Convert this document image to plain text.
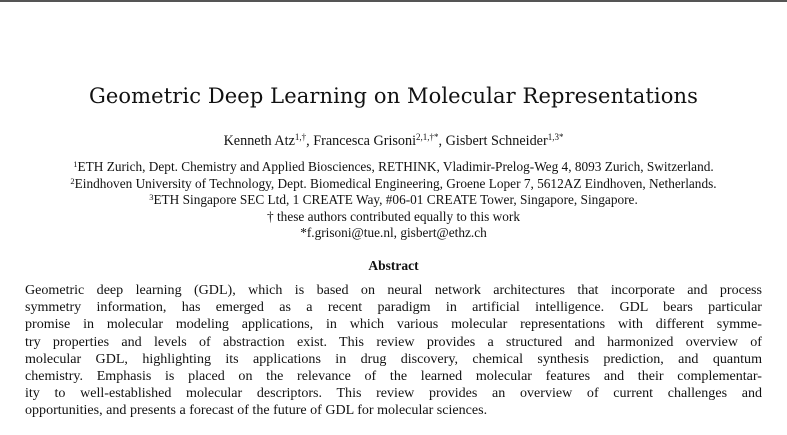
Geometric Deep Learning on Molecular Representations
Kenneth Atz$^{1,\dagger}$, Francesca Grisoni$^{2,1,\dagger*}$, Gisbert Schneider$^{1,3*}$
$^1$ETH Zurich, Dept. Chemistry and Applied Biosciences, RETHINK, Vladimir-Prelog-Weg 4, 8093 Zurich, Switzerland.
$^2$Eindhoven University of Technology, Dept. Biomedical Engineering, Groene Loper 7, 5612AZ Eindhoven, Netherlands.
$^3$ETH Singapore SEC Ltd, 1 CREATE Way, #06-01 CREATE Tower, Singapore, Singapore.
† these authors contributed equally to this work
*f.grisoni@tue.nl, gisbert@ethz.ch
Abstract
Geometric deep learning (GDL), which is based on neural network architectures that incorporate and process
symmetry information, has emerged as a recent paradigm in artificial intelligence. GDL bears particular
promise in molecular modeling applications, in which various molecular representations with different symme-
try properties and levels of abstraction exist. This review provides a structured and harmonized overview of
molecular GDL, highlighting its applications in drug discovery, chemical synthesis prediction, and quantum
chemistry. Emphasis is placed on the relevance of the learned molecular features and their complementar-
ity to well-established molecular descriptors. This review provides an overview of current challenges and
opportunities, and presents a forecast of the future of GDL for molecular sciences.
